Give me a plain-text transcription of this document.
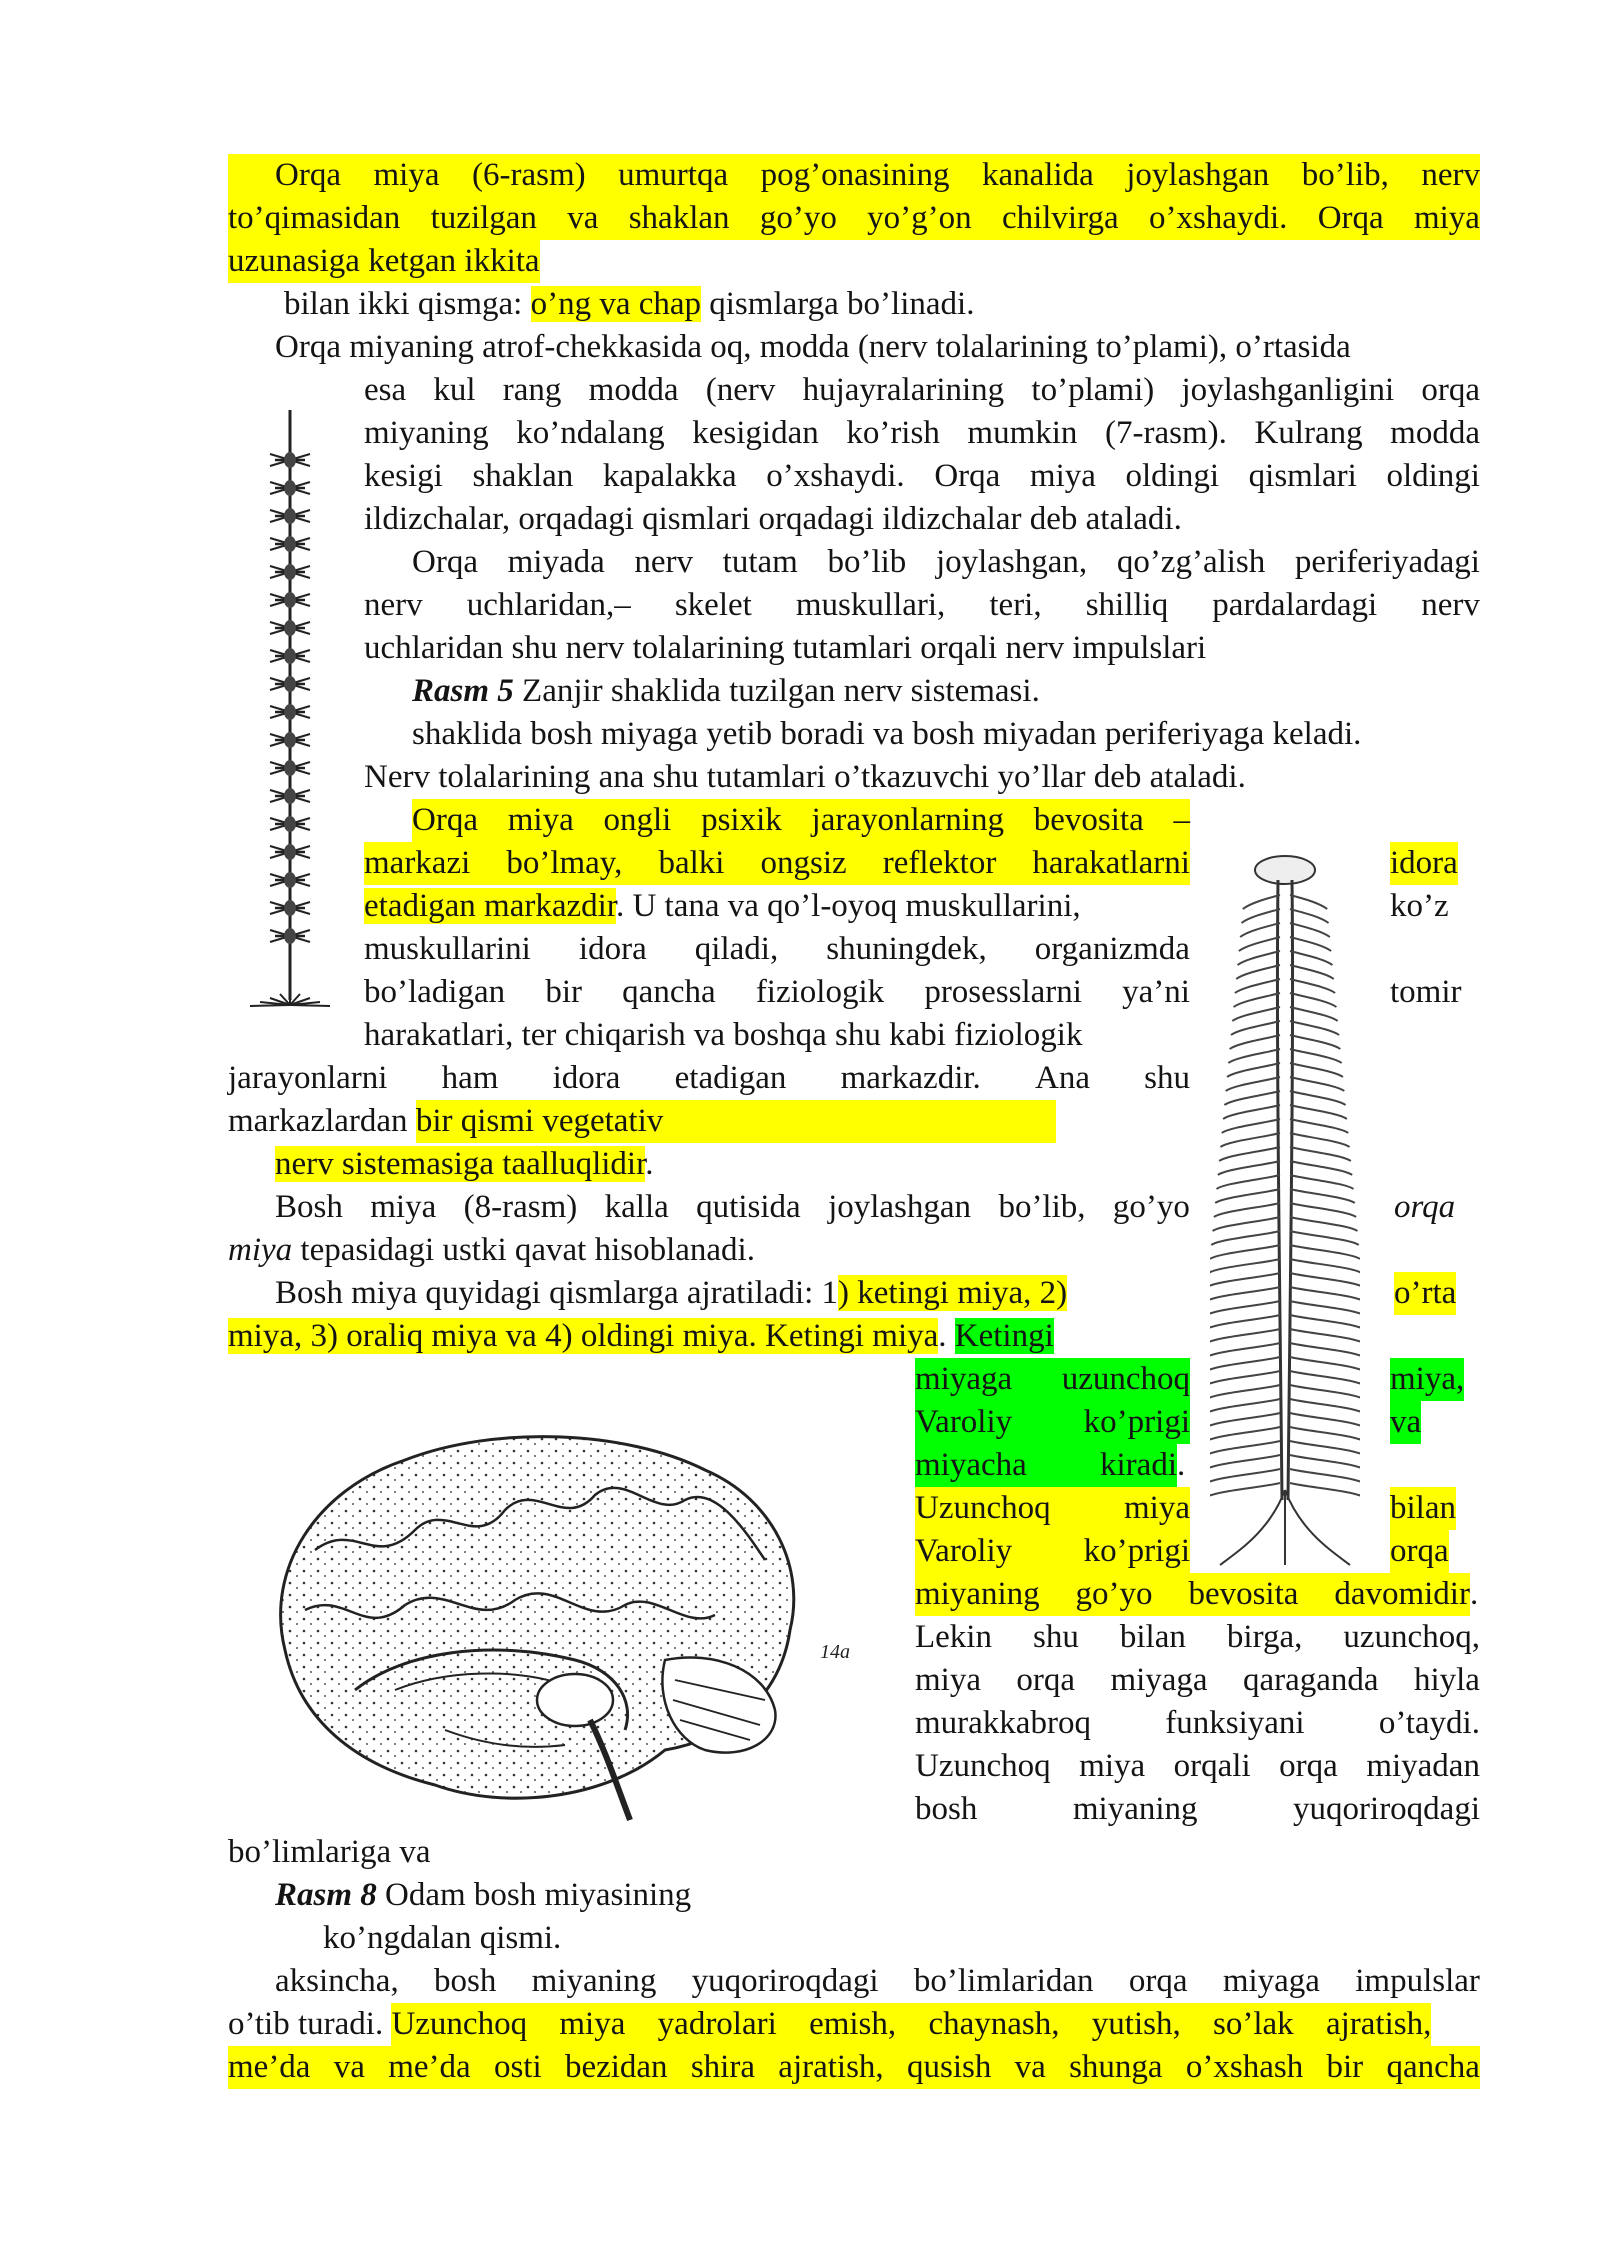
Orqa miya (6-rasm) umurtqa pog’onasining kanalida joylashgan bo’lib, nerv
to’qimasidan tuzilgan va shaklan go’yo yo’g’on chilvirga o’xshaydi. Orqa miya
uzunasiga ketgan ikkita
bilan ikki qismga: o’ng va chap qismlarga bo’linadi.
Orqa miyaning atrof-chekkasida oq, modda (nerv tolalarining to’plami), o’rtasida
esa kul rang modda (nerv hujayralarining to’plami) joylashganligini orqa
miyaning ko’ndalang kesigidan ko’rish mumkin (7-rasm). Kulrang modda
kesigi shaklan kapalakka o’xshaydi. Orqa miya oldingi qismlari oldingi
ildizchalar, orqadagi qismlari orqadagi ildizchalar deb ataladi.
Orqa miyada nerv tutam bo’lib joylashgan, qo’zg’alish periferiyadagi
nerv uchlaridan,– skelet muskullari, teri, shilliq pardalardagi nerv
uchlaridan shu nerv tolalarining tutamlari orqali nerv impulslari
Rasm 5 Zanjir shaklida tuzilgan nerv sistemasi.
shaklida bosh miyaga yetib boradi va bosh miyadan periferiyaga keladi.
Nerv tolalarining ana shu tutamlari o’tkazuvchi yo’llar deb ataladi.
Orqa miya ongli psixik jarayonlarning bevosita –
markazi bo’lmay, balki ongsiz reflektor harakatlarni	idora
etadigan markazdir. U tana va qo’l-oyoq muskullarini,	ko’z
muskullarini idora qiladi, shuningdek, organizmda
bo’ladigan bir qancha fiziologik prosesslarni ya’ni	tomir
harakatlari, ter chiqarish va boshqa shu kabi fiziologik
jarayonlarni ham idora etadigan markazdir. Ana shu
markazlardan bir qismi vegetativ
nerv sistemasiga taalluqlidir.
Bosh miya (8-rasm) kalla qutisida joylashgan bo’lib, go’yo	orqa
miya tepasidagi ustki qavat hisoblanadi.
Bosh miya quyidagi qismlarga ajratiladi: 1) ketingi miya, 2)	o’rta
miya, 3) oraliq miya va 4) oldingi miya. Ketingi miya. Ketingi
miyaga uzunchoq	miya,
Varoliy ko’prigi	va
miyacha kiradi .
Uzunchoq miya	bilan
Varoliy ko’prigi	orqa
miyaning go’yo bevosita davomidir .
Lekin shu bilan birga, uzunchoq,
miya orqa miyaga qaraganda hiyla
murakkabroq funksiyani o’taydi.
Uzunchoq miya orqali orqa miyadan
bosh	miyaning	yuqoriroqdagi
bo’limlariga va
Rasm 8 Odam bosh miyasining
ko’ngdalan qismi.
aksincha, bosh miyaning yuqoriroqdagi bo’limlaridan orqa miyaga impulslar
o’tib turadi. Uzunchoq miya yadrolari emish, chaynash, yutish, so’lak ajratish,
me’da va me’da osti bezidan shira ajratish, qusish va shunga o’xshash bir qancha
14a
